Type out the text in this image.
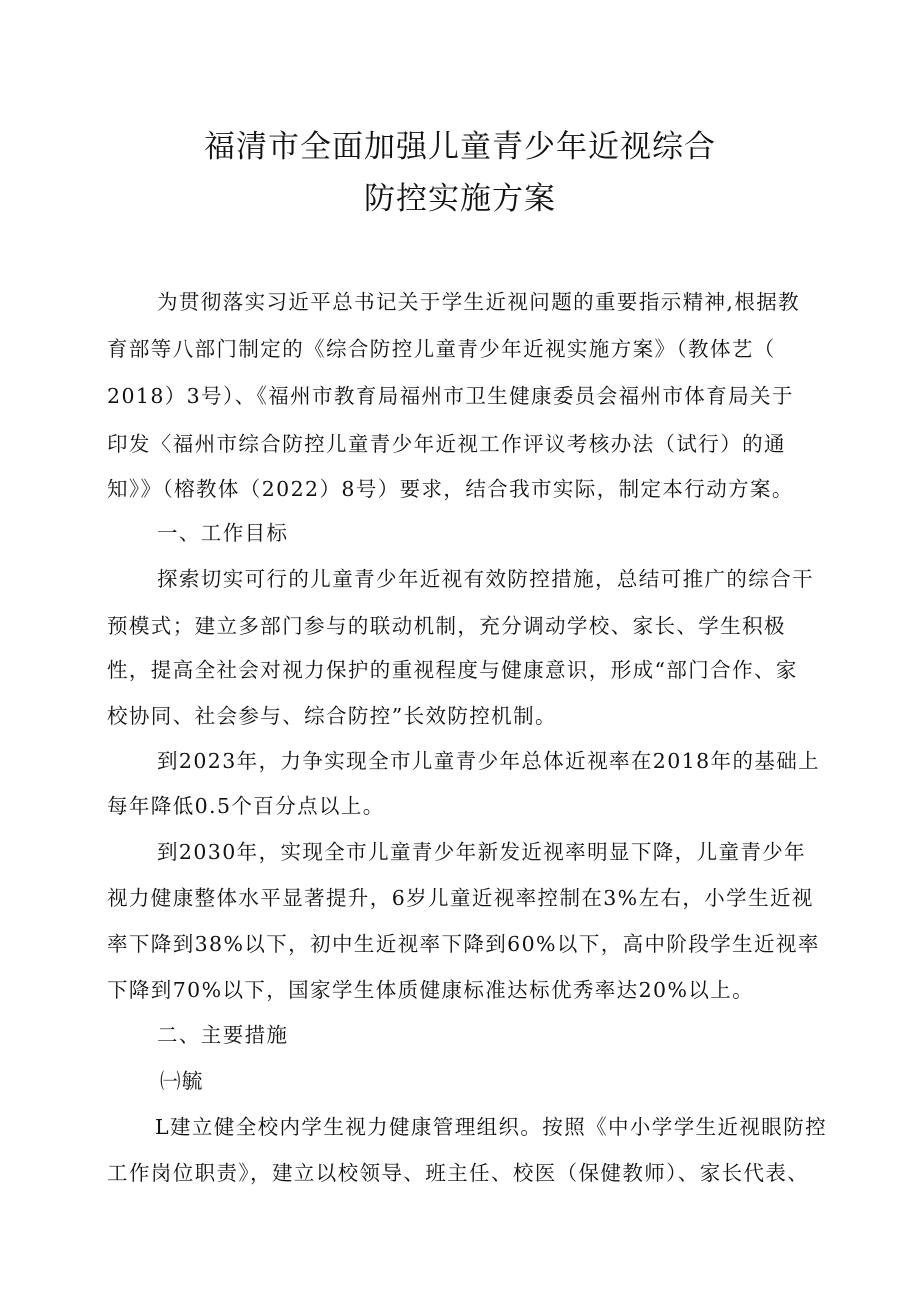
福清市全面加强儿童青少年近视综合
防控实施方案
为贯彻落实习近平总书记关于学生近视问题的重要指示精神,根据教
育部等八部门制定的《综合防控儿童青少年近视实施方案》（教体艺（
2018）3号）、《福州市教育局福州市卫生健康委员会福州市体育局关于
印发〈福州市综合防控儿童青少年近视工作评议考核办法（试行）的通
知》》（榕教体（2022）8号）要求，结合我市实际，制定本行动方案。
一、工作目标
探索切实可行的儿童青少年近视有效防控措施，总结可推广的综合干
预模式；建立多部门参与的联动机制，充分调动学校、家长、学生积极
性，提高全社会对视力保护的重视程度与健康意识，形成“部门合作、家
校协同、社会参与、综合防控”长效防控机制。
到2023年，力争实现全市儿童青少年总体近视率在2018年的基础上
每年降低0.5个百分点以上。
到2030年，实现全市儿童青少年新发近视率明显下降，儿童青少年
视力健康整体水平显著提升，6岁儿童近视率控制在3%左右，小学生近视
率下降到38%以下，初中生近视率下降到60%以下，高中阶段学生近视率
下降到70%以下，国家学生体质健康标准达标优秀率达20%以上。
二、主要措施
㈠毓
L建立健全校内学生视力健康管理组织。按照《中小学学生近视眼防控
工作岗位职责》，建立以校领导、班主任、校医（保健教师）、家长代表、
